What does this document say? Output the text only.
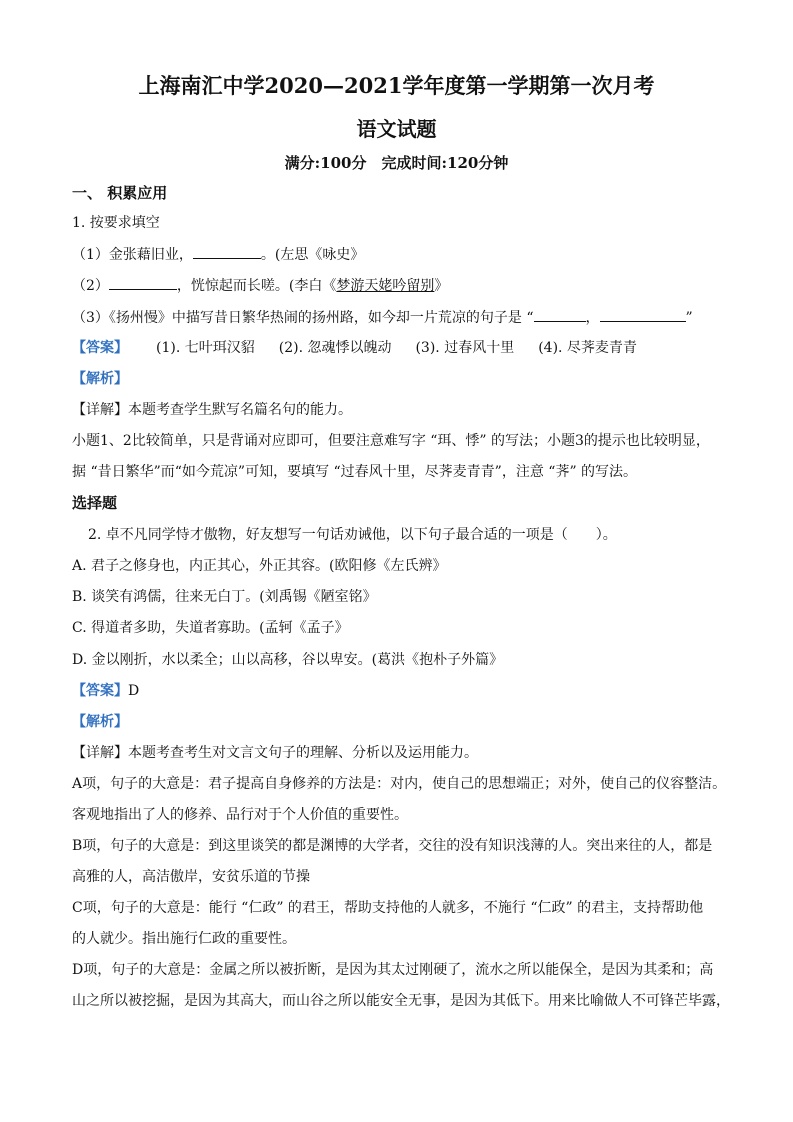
上海南汇中学2020—2021学年度第一学期第一次月考
语文试题
满分:100分　完成时间:120分钟
一、 积累应用
1. 按要求填空
（1）金张藉旧业，	。(左思《咏史》
（2）	，恍惊起而长嗟。(李白《梦游天姥吟留别》
（3）《扬州慢》中描写昔日繁华热闹的扬州路，如今却一片荒凉的句子是 “	，	”
【答案】 (1). 七叶珥汉貂 (2). 忽魂悸以魄动 (3). 过春风十里 (4). 尽荠麦青青
【解析】
【详解】本题考查学生默写名篇名句的能力。
小题1、2比较简单，只是背诵对应即可，但要注意难写字 “珥、悸” 的写法；小题3的提示也比较明显，
据 “昔日繁华”而“如今荒凉”可知，要填写 “过春风十里，尽荠麦青青”，注意 “荠” 的写法。
选择题
2. 卓不凡同学恃才傲物，好友想写一句话劝诫他，以下句子最合适的一项是（　　）。
A. 君子之修身也，内正其心，外正其容。(欧阳修《左氏辨》
B. 谈笑有鸿儒，往来无白丁。(刘禹锡《陋室铭》
C. 得道者多助，失道者寡助。(孟轲《孟子》
D. 金以刚折，水以柔全；山以高移，谷以卑安。(葛洪《抱朴子外篇》
【答案】D
【解析】
【详解】本题考查考生对文言文句子的理解、分析以及运用能力。
A项，句子的大意是：君子提高自身修养的方法是：对内，使自己的思想端正；对外，使自己的仪容整洁。
客观地指出了人的修养、品行对于个人价值的重要性。
B项，句子的大意是：到这里谈笑的都是渊博的大学者，交往的没有知识浅薄的人。突出来往的人，都是
高雅的人，高洁傲岸，安贫乐道的节操
C项，句子的大意是：能行 “仁政” 的君王，帮助支持他的人就多，不施行 “仁政” 的君主，支持帮助他
的人就少。指出施行仁政的重要性。
D项，句子的大意是：金属之所以被折断，是因为其太过刚硬了，流水之所以能保全，是因为其柔和；高
山之所以被挖掘，是因为其高大，而山谷之所以能安全无事，是因为其低下。用来比喻做人不可锋芒毕露，
